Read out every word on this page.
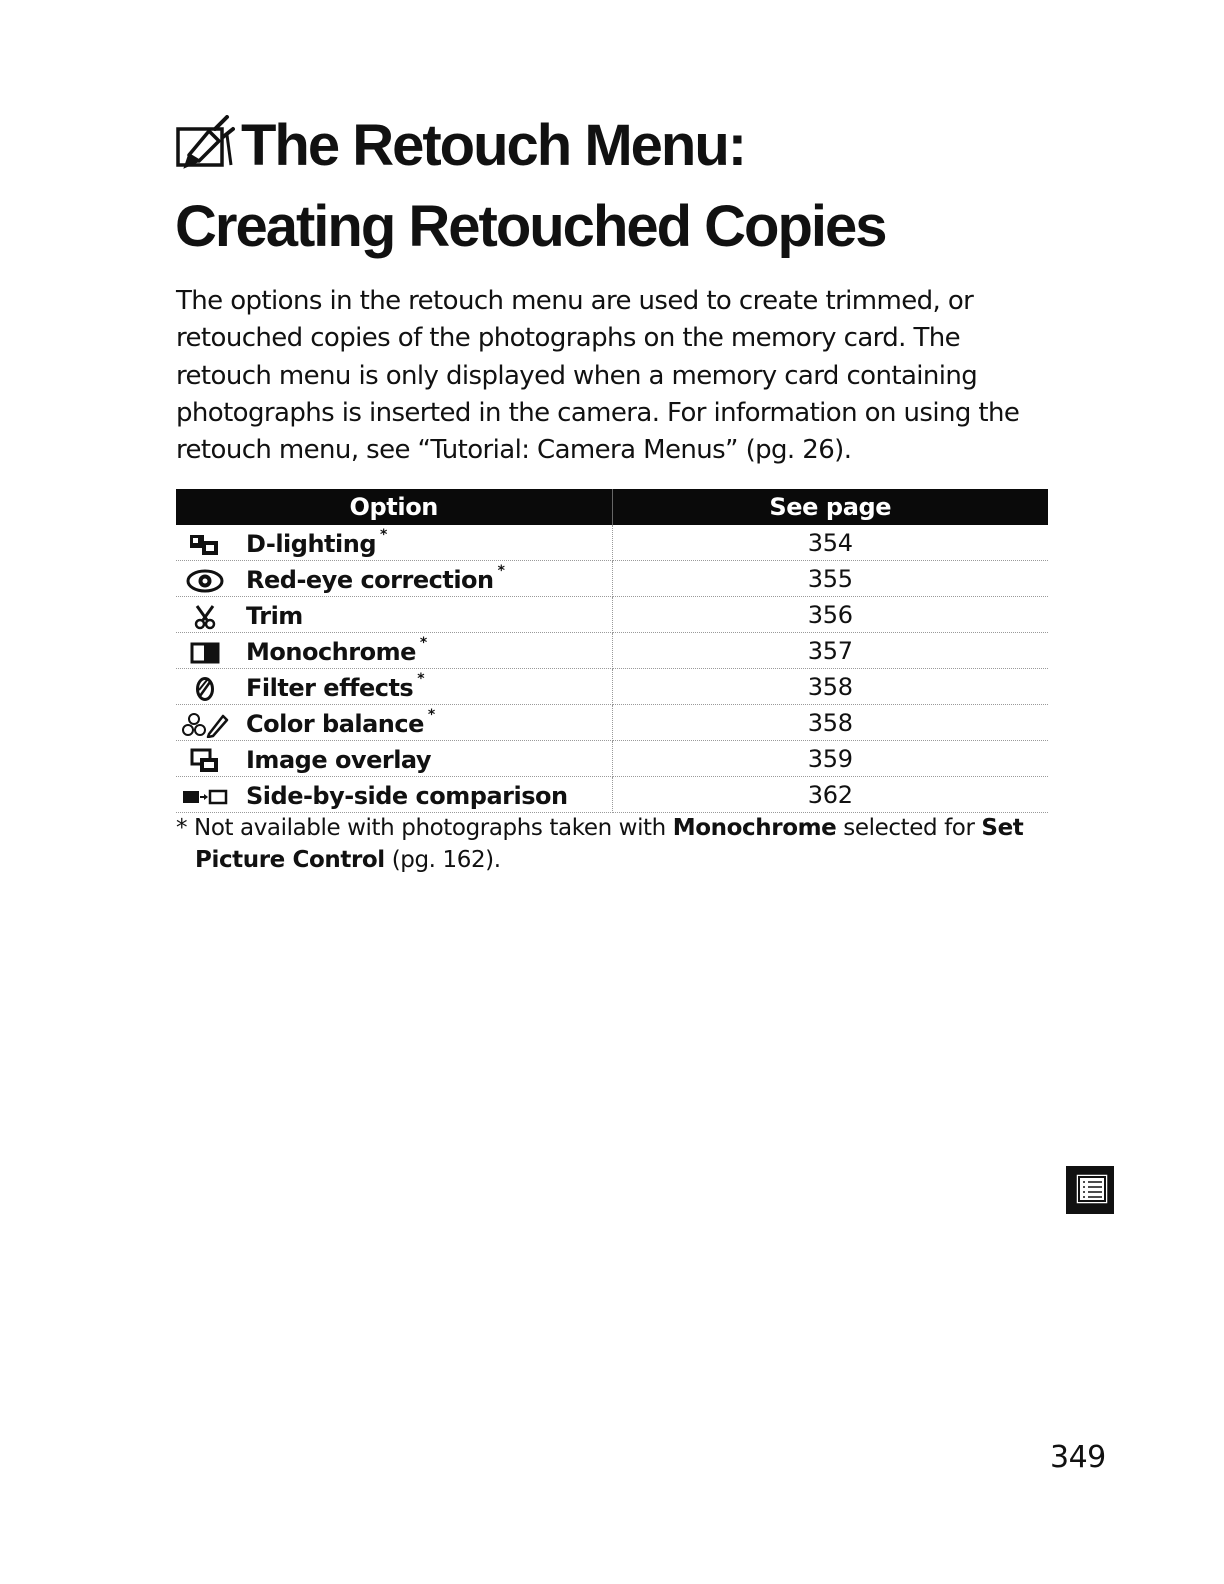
The Retouch Menu:
Creating Retouched Copies

The options in the retouch menu are used to create trimmed, or retouched copies of the photographs on the memory card. The retouch menu is only displayed when a memory card containing photographs is inserted in the camera. For information on using the retouch menu, see “Tutorial: Camera Menus” (pg. 26).

Option	See page
D-lighting *	354
Red-eye correction *	355
Trim	356
Monochrome *	357
Filter effects *	358
Color balance *	358
Image overlay	359
Side-by-side comparison	362

* Not available with photographs taken with Monochrome selected for Set
Picture Control (pg. 162).

349
